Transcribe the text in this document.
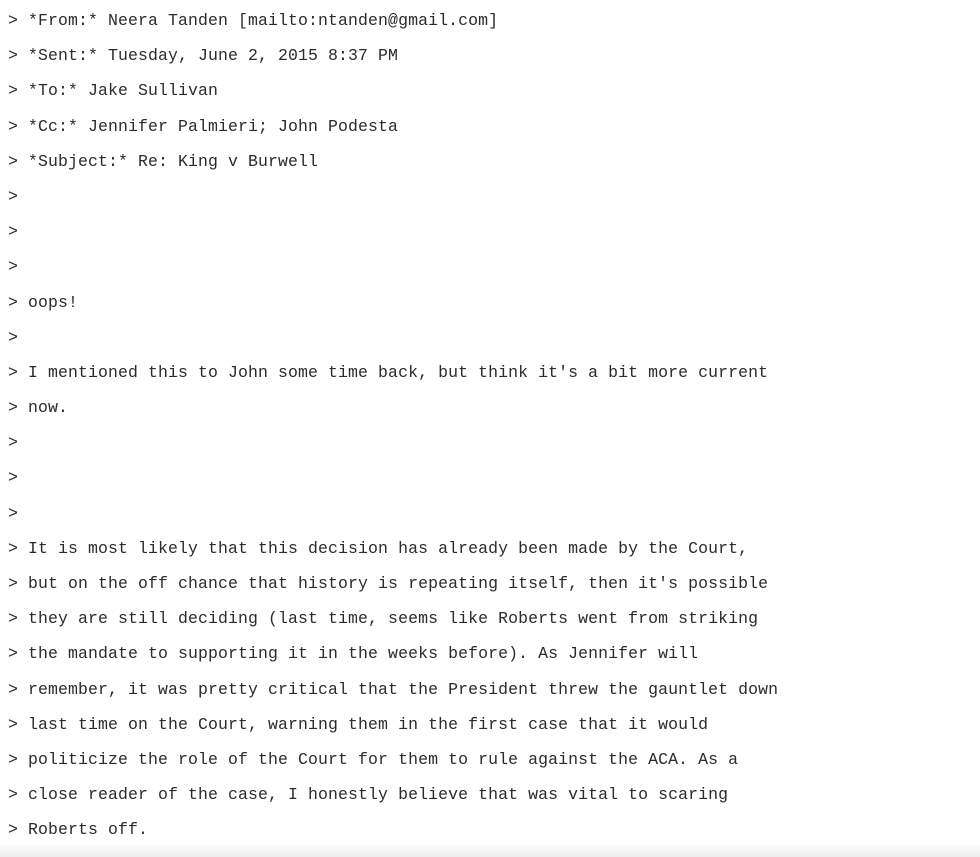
> *From:* Neera Tanden [mailto:ntanden@gmail.com]
> *Sent:* Tuesday, June 2, 2015 8:37 PM
> *To:* Jake Sullivan
> *Cc:* Jennifer Palmieri; John Podesta
> *Subject:* Re: King v Burwell
>
>
>
> oops!
>
> I mentioned this to John some time back, but think it's a bit more current
> now.
>
>
>
> It is most likely that this decision has already been made by the Court,
> but on the off chance that history is repeating itself, then it's possible
> they are still deciding (last time, seems like Roberts went from striking
> the mandate to supporting it in the weeks before). As Jennifer will
> remember, it was pretty critical that the President threw the gauntlet down
> last time on the Court, warning them in the first case that it would
> politicize the role of the Court for them to rule against the ACA. As a
> close reader of the case, I honestly believe that was vital to scaring
> Roberts off.
